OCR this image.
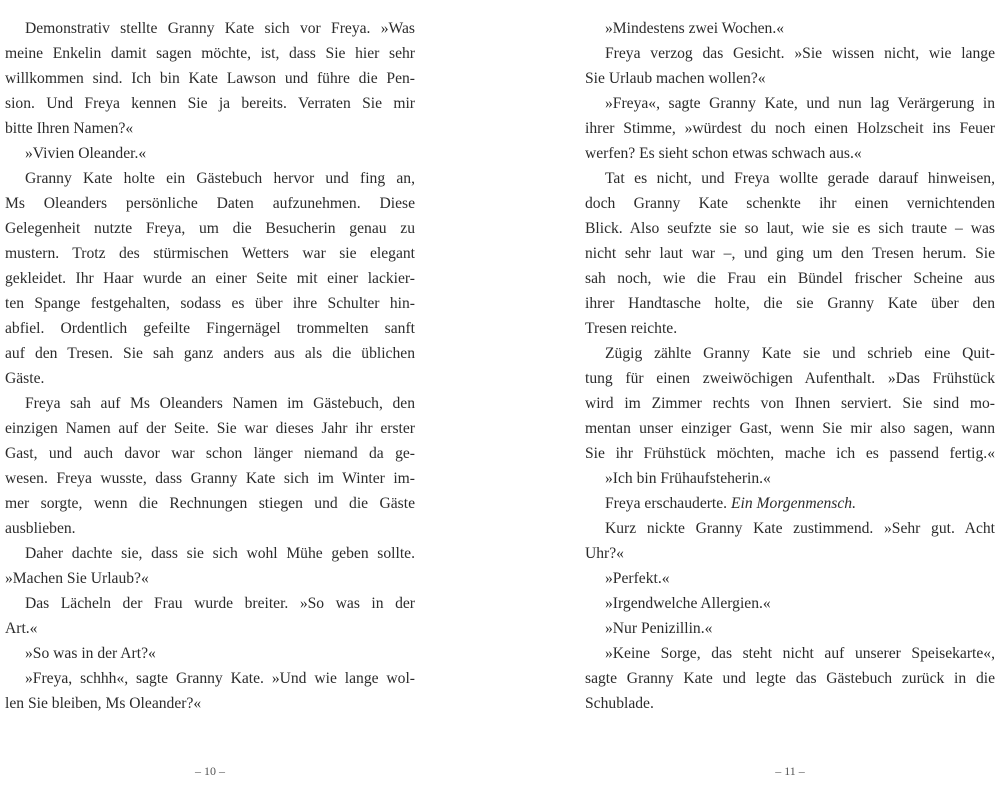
Demonstrativ stellte Granny Kate sich vor Freya. »Was
meine Enkelin damit sagen möchte, ist, dass Sie hier sehr
willkommen sind. Ich bin Kate Lawson und führe die Pen-
sion. Und Freya kennen Sie ja bereits. Verraten Sie mir
bitte Ihren Namen?«
»Vivien Oleander.«
Granny Kate holte ein Gästebuch hervor und fing an,
Ms Oleanders persönliche Daten aufzunehmen. Diese
Gelegenheit nutzte Freya, um die Besucherin genau zu
mustern. Trotz des stürmischen Wetters war sie elegant
gekleidet. Ihr Haar wurde an einer Seite mit einer lackier-
ten Spange festgehalten, sodass es über ihre Schulter hin-
abfiel. Ordentlich gefeilte Fingernägel trommelten sanft
auf den Tresen. Sie sah ganz anders aus als die üblichen
Gäste.
Freya sah auf Ms Oleanders Namen im Gästebuch, den
einzigen Namen auf der Seite. Sie war dieses Jahr ihr erster
Gast, und auch davor war schon länger niemand da ge-
wesen. Freya wusste, dass Granny Kate sich im Winter im-
mer sorgte, wenn die Rechnungen stiegen und die Gäste
ausblieben.
Daher dachte sie, dass sie sich wohl Mühe geben sollte.
»Machen Sie Urlaub?«
Das Lächeln der Frau wurde breiter. »So was in der
Art.«
»So was in der Art?«
»Freya, schhh«, sagte Granny Kate. »Und wie lange wol-
len Sie bleiben, Ms Oleander?«
– 10 –
»Mindestens zwei Wochen.«
Freya verzog das Gesicht. »Sie wissen nicht, wie lange
Sie Urlaub machen wollen?«
»Freya«, sagte Granny Kate, und nun lag Verärgerung in
ihrer Stimme, »würdest du noch einen Holzscheit ins Feuer
werfen? Es sieht schon etwas schwach aus.«
Tat es nicht, und Freya wollte gerade darauf hinweisen,
doch Granny Kate schenkte ihr einen vernichtenden
Blick. Also seufzte sie so laut, wie sie es sich traute – was
nicht sehr laut war –, und ging um den Tresen herum. Sie
sah noch, wie die Frau ein Bündel frischer Scheine aus
ihrer Handtasche holte, die sie Granny Kate über den
Tresen reichte.
Zügig zählte Granny Kate sie und schrieb eine Quit-
tung für einen zweiwöchigen Aufenthalt. »Das Frühstück
wird im Zimmer rechts von Ihnen serviert. Sie sind mo-
mentan unser einziger Gast, wenn Sie mir also sagen, wann
Sie ihr Frühstück möchten, mache ich es passend fertig.«
»Ich bin Frühaufsteherin.«
Freya erschauderte. Ein Morgenmensch.
Kurz nickte Granny Kate zustimmend. »Sehr gut. Acht
Uhr?«
»Perfekt.«
»Irgendwelche Allergien.«
»Nur Penizillin.«
»Keine Sorge, das steht nicht auf unserer Speisekarte«,
sagte Granny Kate und legte das Gästebuch zurück in die
Schublade.
– 11 –
